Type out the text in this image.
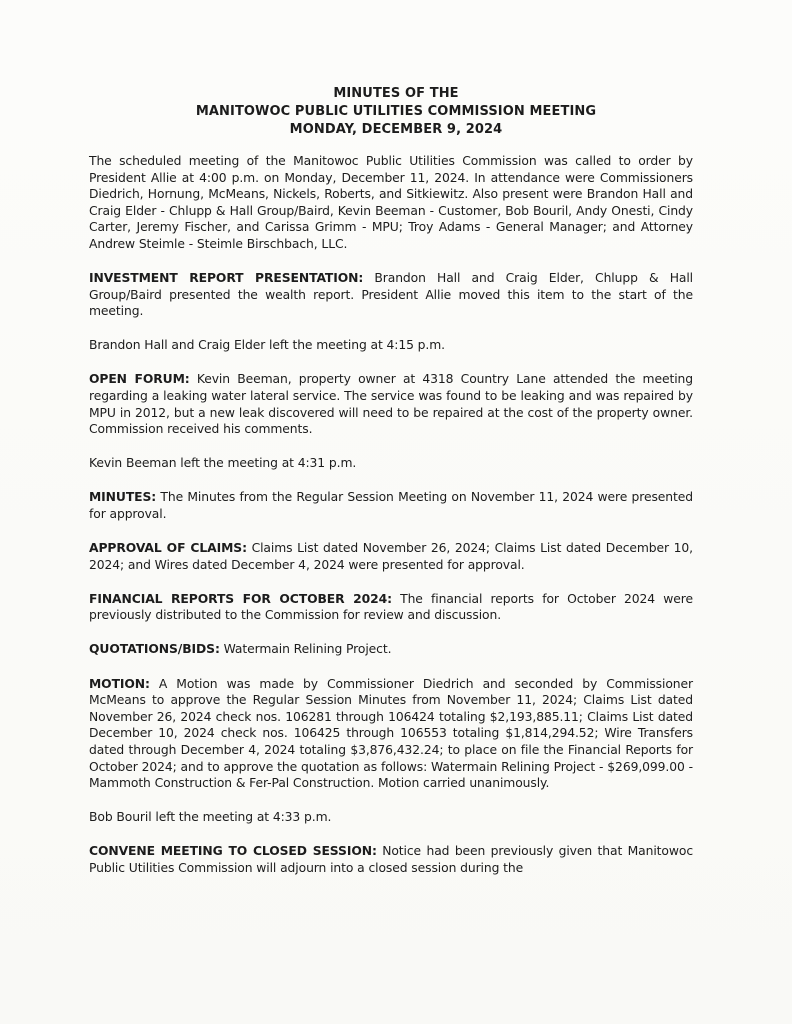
MINUTES OF THE
MANITOWOC PUBLIC UTILITIES COMMISSION MEETING
MONDAY, DECEMBER 9, 2024

The scheduled meeting of the Manitowoc Public Utilities Commission was called to order by President Allie at 4:00 p.m. on Monday, December 11, 2024. In attendance were Commissioners Diedrich, Hornung, McMeans, Nickels, Roberts, and Sitkiewitz. Also present were Brandon Hall and Craig Elder - Chlupp & Hall Group/Baird, Kevin Beeman - Customer, Bob Bouril, Andy Onesti, Cindy Carter, Jeremy Fischer, and Carissa Grimm - MPU; Troy Adams - General Manager; and Attorney Andrew Steimle - Steimle Birschbach, LLC.

INVESTMENT REPORT PRESENTATION: Brandon Hall and Craig Elder, Chlupp & Hall Group/Baird presented the wealth report. President Allie moved this item to the start of the meeting.

Brandon Hall and Craig Elder left the meeting at 4:15 p.m.

OPEN FORUM: Kevin Beeman, property owner at 4318 Country Lane attended the meeting regarding a leaking water lateral service. The service was found to be leaking and was repaired by MPU in 2012, but a new leak discovered will need to be repaired at the cost of the property owner. Commission received his comments.

Kevin Beeman left the meeting at 4:31 p.m.

MINUTES: The Minutes from the Regular Session Meeting on November 11, 2024 were presented for approval.

APPROVAL OF CLAIMS: Claims List dated November 26, 2024; Claims List dated December 10, 2024; and Wires dated December 4, 2024 were presented for approval.

FINANCIAL REPORTS FOR OCTOBER 2024: The financial reports for October 2024 were previously distributed to the Commission for review and discussion.

QUOTATIONS/BIDS: Watermain Relining Project.

MOTION: A Motion was made by Commissioner Diedrich and seconded by Commissioner McMeans to approve the Regular Session Minutes from November 11, 2024; Claims List dated November 26, 2024 check nos. 106281 through 106424 totaling $2,193,885.11; Claims List dated December 10, 2024 check nos. 106425 through 106553 totaling $1,814,294.52; Wire Transfers dated through December 4, 2024 totaling $3,876,432.24; to place on file the Financial Reports for October 2024; and to approve the quotation as follows: Watermain Relining Project - $269,099.00 - Mammoth Construction & Fer-Pal Construction. Motion carried unanimously.

Bob Bouril left the meeting at 4:33 p.m.

CONVENE MEETING TO CLOSED SESSION: Notice had been previously given that Manitowoc Public Utilities Commission will adjourn into a closed session during the
